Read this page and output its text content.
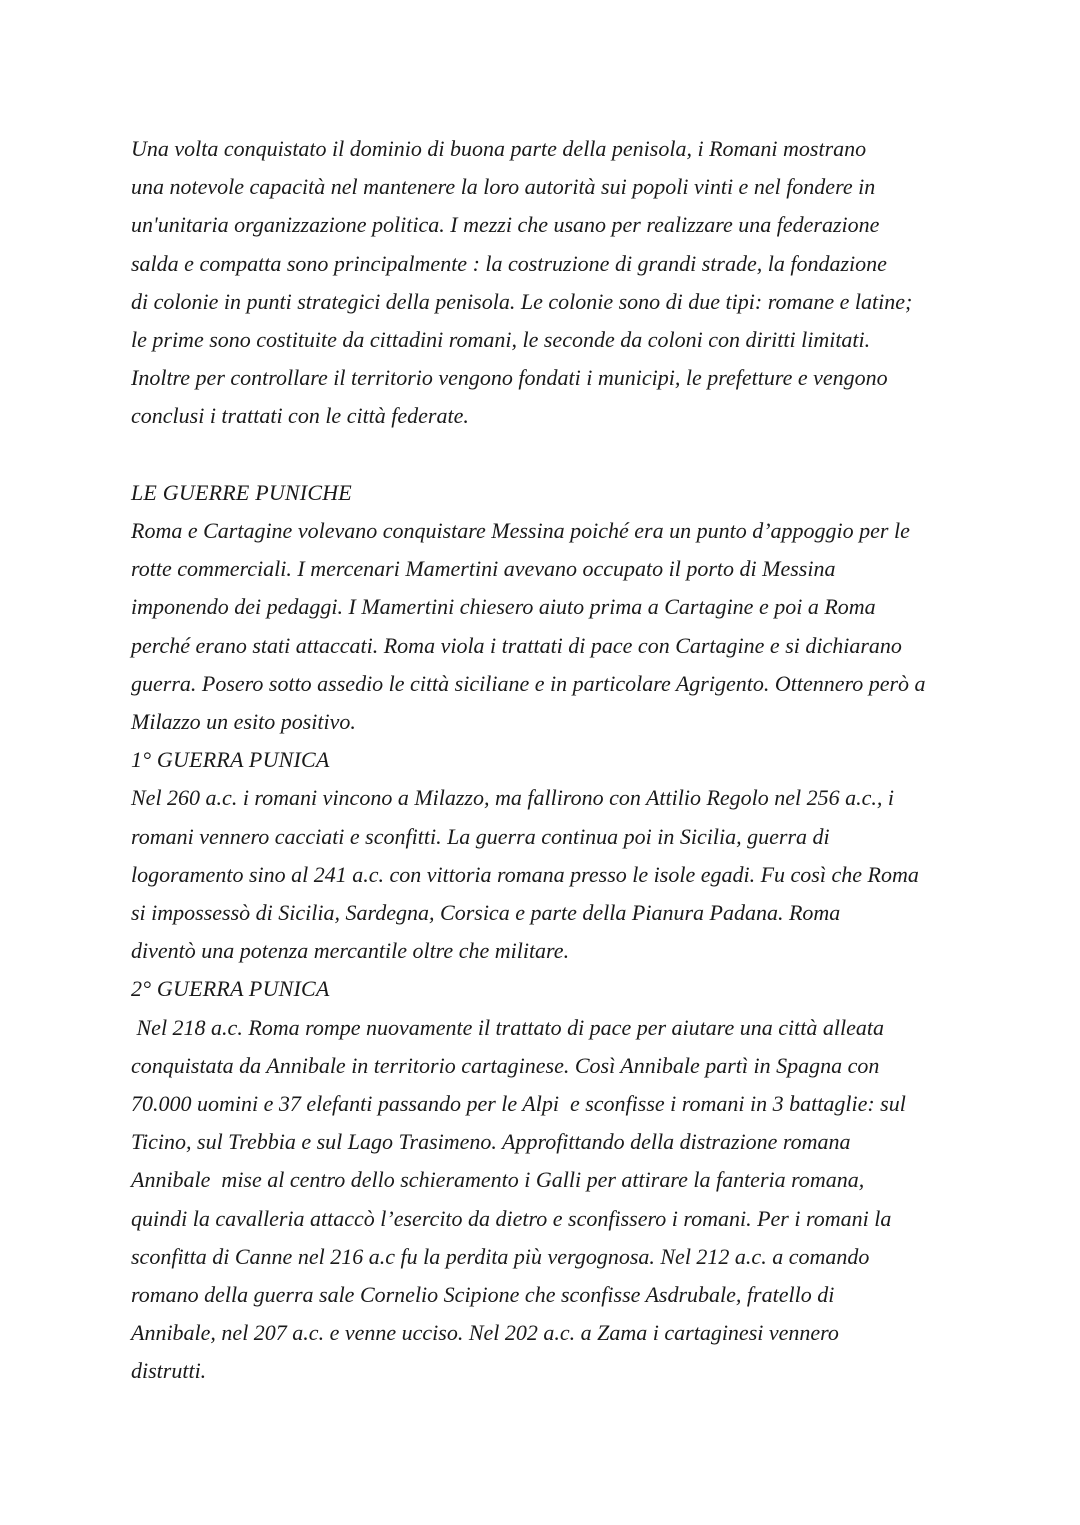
Una volta conquistato il dominio di buona parte della penisola, i Romani mostrano
una notevole capacità nel mantenere la loro autorità sui popoli vinti e nel fondere in
un'unitaria organizzazione politica. I mezzi che usano per realizzare una federazione
salda e compatta sono principalmente : la costruzione di grandi strade, la fondazione
di colonie in punti strategici della penisola. Le colonie sono di due tipi: romane e latine;
le prime sono costituite da cittadini romani, le seconde da coloni con diritti limitati.
Inoltre per controllare il territorio vengono fondati i municipi, le prefetture e vengono
conclusi i trattati con le città federate.
LE GUERRE PUNICHE
Roma e Cartagine volevano conquistare Messina poiché era un punto d’appoggio per le
rotte commerciali. I mercenari Mamertini avevano occupato il porto di Messina
imponendo dei pedaggi. I Mamertini chiesero aiuto prima a Cartagine e poi a Roma
perché erano stati attaccati. Roma viola i trattati di pace con Cartagine e si dichiarano
guerra. Posero sotto assedio le città siciliane e in particolare Agrigento. Ottennero però a
Milazzo un esito positivo.
1° GUERRA PUNICA
Nel 260 a.c. i romani vincono a Milazzo, ma fallirono con Attilio Regolo nel 256 a.c., i
romani vennero cacciati e sconfitti. La guerra continua poi in Sicilia, guerra di
logoramento sino al 241 a.c. con vittoria romana presso le isole egadi. Fu così che Roma
si impossessò di Sicilia, Sardegna, Corsica e parte della Pianura Padana. Roma
diventò una potenza mercantile oltre che militare.
2° GUERRA PUNICA
Nel 218 a.c. Roma rompe nuovamente il trattato di pace per aiutare una città alleata
conquistata da Annibale in territorio cartaginese. Così Annibale partì in Spagna con
70.000 uomini e 37 elefanti passando per le Alpi  e sconfisse i romani in 3 battaglie: sul
Ticino, sul Trebbia e sul Lago Trasimeno. Approfittando della distrazione romana
Annibale  mise al centro dello schieramento i Galli per attirare la fanteria romana,
quindi la cavalleria attaccò l’esercito da dietro e sconfissero i romani. Per i romani la
sconfitta di Canne nel 216 a.c fu la perdita più vergognosa. Nel 212 a.c. a comando
romano della guerra sale Cornelio Scipione che sconfisse Asdrubale, fratello di
Annibale, nel 207 a.c. e venne ucciso. Nel 202 a.c. a Zama i cartaginesi vennero
distrutti.
